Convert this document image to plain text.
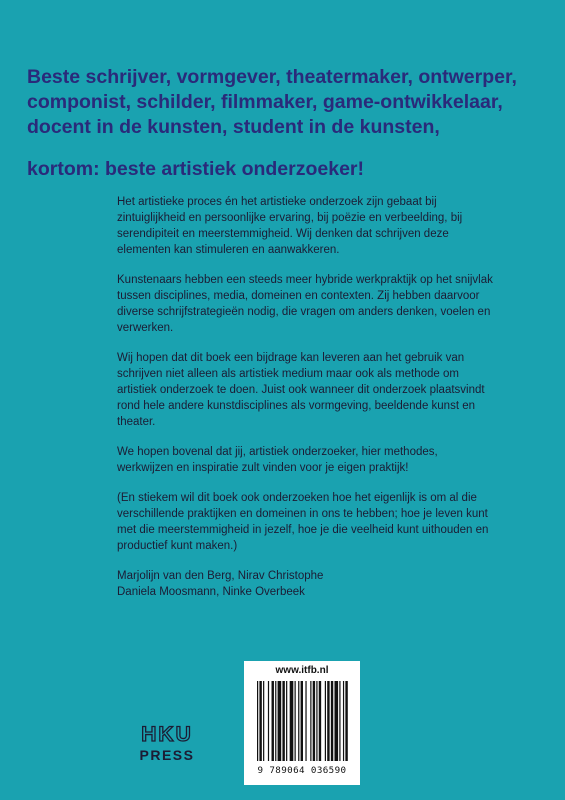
Beste schrijver, vormgever, theatermaker, ontwerper,
componist, schilder, filmmaker, game-ontwikkelaar,
docent in de kunsten, student in de kunsten,
kortom: beste artistiek onderzoeker!

Het artistieke proces én het artistieke onderzoek zijn gebaat bij zintuiglijkheid en persoonlijke ervaring, bij poëzie en verbeelding, bij serendipiteit en meerstemmigheid. Wij denken dat schrijven deze elementen kan stimuleren en aanwakkeren.

Kunstenaars hebben een steeds meer hybride werkpraktijk op het snijvlak tussen disciplines, media, domeinen en contexten. Zij hebben daarvoor diverse schrijfstrategieën nodig, die vragen om anders denken, voelen en verwerken.

Wij hopen dat dit boek een bijdrage kan leveren aan het gebruik van schrijven niet alleen als artistiek medium maar ook als methode om artistiek onderzoek te doen. Juist ook wanneer dit onderzoek plaatsvindt rond hele andere kunstdisciplines als vormgeving, beeldende kunst en theater.

We hopen bovenal dat jij, artistiek onderzoeker, hier methodes, werkwijzen en inspiratie zult vinden voor je eigen praktijk!

(En stiekem wil dit boek ook onderzoeken hoe het eigenlijk is om al die verschillende praktijken en domeinen in ons te hebben; hoe je leven kunt met die meerstemmigheid in jezelf, hoe je die veelheid kunt uithouden en productief kunt maken.)

Marjolijn van den Berg, Nirav Christophe
Daniela Moosmann, Ninke Overbeek
HKU
PRESS
www.itfb.nl
9 789064 036590
